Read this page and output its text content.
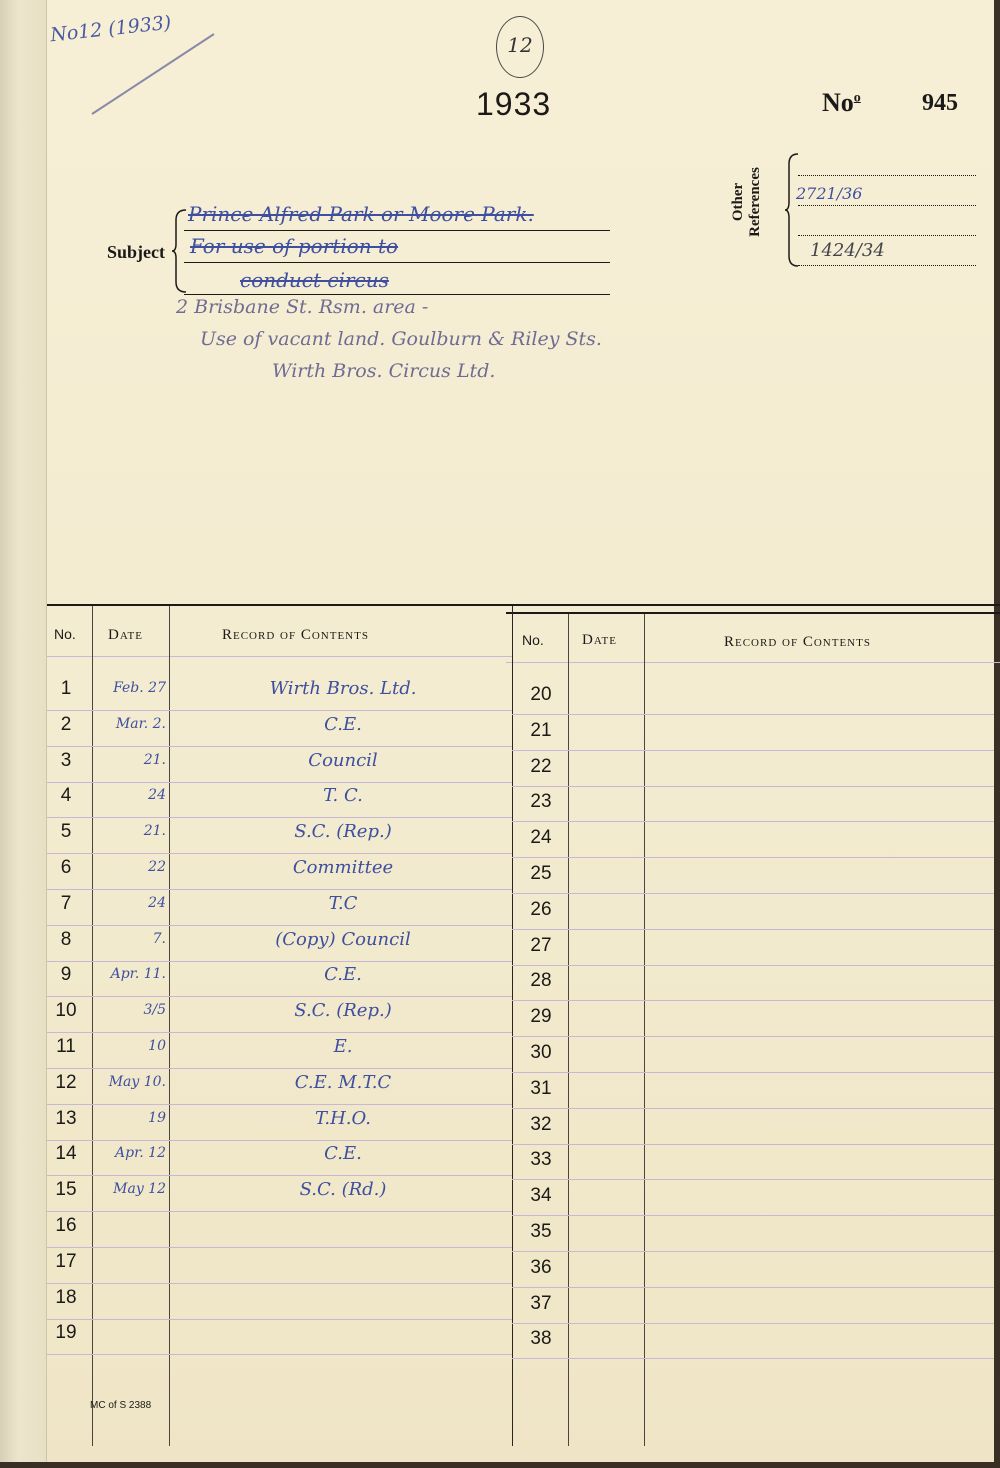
No12 (1933)	12
1933	No$^o$	945
Subject
Prince Alfred Park or Moore Park.
For use of portion to
conduct circus
2 Brisbane St. Rsm. area -
Use of vacant land. Goulburn & Riley Sts.
Wirth Bros. Circus Ltd.
Other References 2721/36
1424/34
No. Date	Record of Contents	No.	Date	Record of Contents
MC of S 2388
1	Feb. 27	Wirth Bros. Ltd.
2	Mar. 2.	C.E.
3	21.	Council
4	24	T. C.
5	21.	S.C. (Rep.)
6	22	Committee
7	24	T.C
8	7.	(Copy) Council
9	Apr. 11.	C.E.
10	3/5	S.C. (Rep.)
11	10	E.
12	May 10.	C.E. M.T.C
13	19	T.H.O.
14	Apr. 12	C.E.
15	May 12	S.C. (Rd.)
16
17
18
19
20
21
22
23
24
25
26
27
28
29
30
31
32
33
34
35
36
37
38
